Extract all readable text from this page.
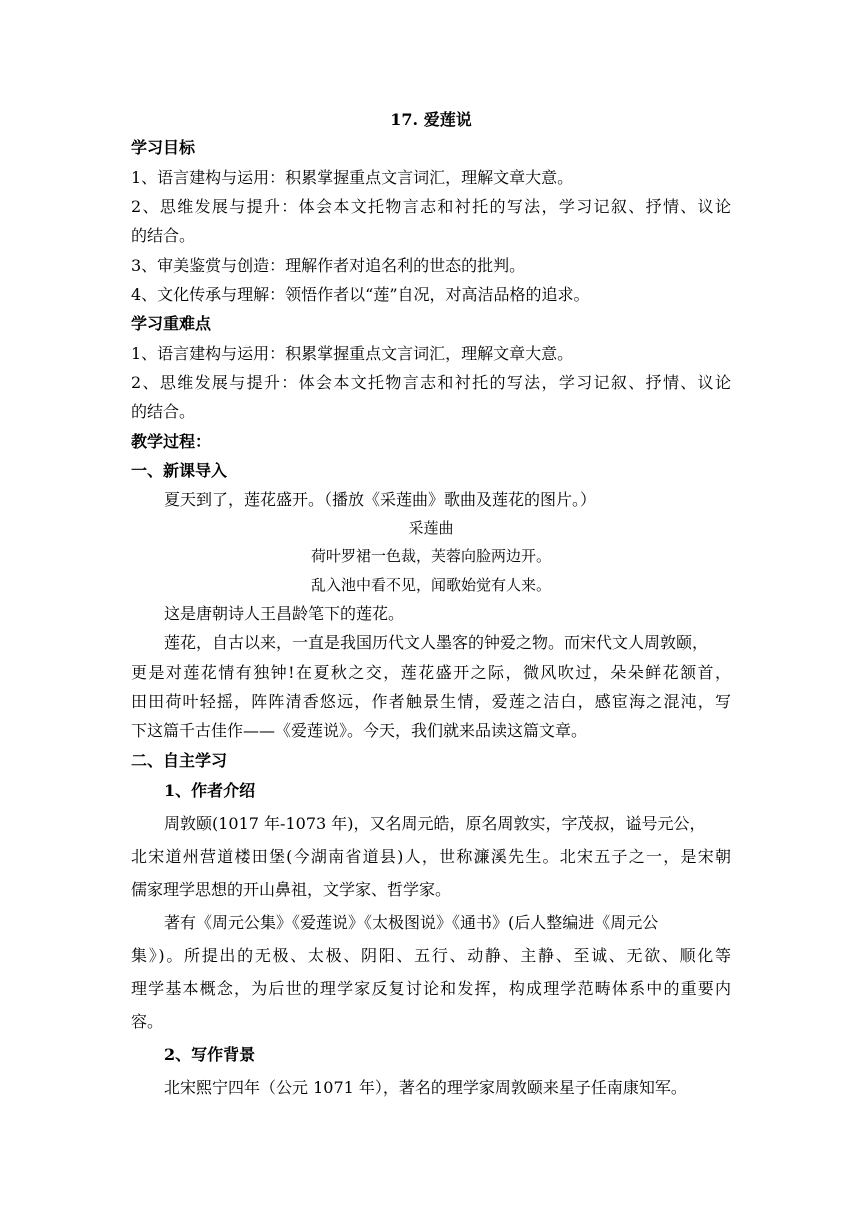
17. 爱莲说
学习目标
1、语言建构与运用：积累掌握重点文言词汇，理解文章大意。
2、思维发展与提升：体会本文托物言志和衬托的写法，学习记叙、抒情、议论
的结合。
3、审美鉴赏与创造：理解作者对追名利的世态的批判。
4、文化传承与理解：领悟作者以“莲”自况，对高洁品格的追求。
学习重难点
1、语言建构与运用：积累掌握重点文言词汇，理解文章大意。
2、思维发展与提升：体会本文托物言志和衬托的写法，学习记叙、抒情、议论
的结合。
教学过程：
一、新课导入
夏天到了，莲花盛开。（播放《采莲曲》歌曲及莲花的图片。）
采莲曲
荷叶罗裙一色裁，芙蓉向脸两边开。
乱入池中看不见，闻歌始觉有人来。
这是唐朝诗人王昌龄笔下的莲花。
莲花，自古以来，一直是我国历代文人墨客的钟爱之物。而宋代文人周敦颐，
更是对莲花情有独钟!在夏秋之交，莲花盛开之际，微风吹过，朵朵鲜花颔首，
田田荷叶轻摇，阵阵清香悠远，作者触景生情，爱莲之洁白，感宦海之混沌，写
下这篇千古佳作——《爱莲说》。今天，我们就来品读这篇文章。
二、自主学习
1、作者介绍
周敦颐(1017 年-1073 年)，又名周元皓，原名周敦实，字茂叔，谥号元公，
北宋道州营道楼田堡(今湖南省道县)人，世称濂溪先生。北宋五子之一，是宋朝
儒家理学思想的开山鼻祖，文学家、哲学家。
著有《周元公集》《爱莲说》《太极图说》《通书》(后人整编进《周元公
集》)。所提出的无极、太极、阴阳、五行、动静、主静、至诚、无欲、顺化等
理学基本概念，为后世的理学家反复讨论和发挥，构成理学范畴体系中的重要内
容。
2、写作背景
北宋熙宁四年（公元 1071 年），著名的理学家周敦颐来星子任南康知军。
